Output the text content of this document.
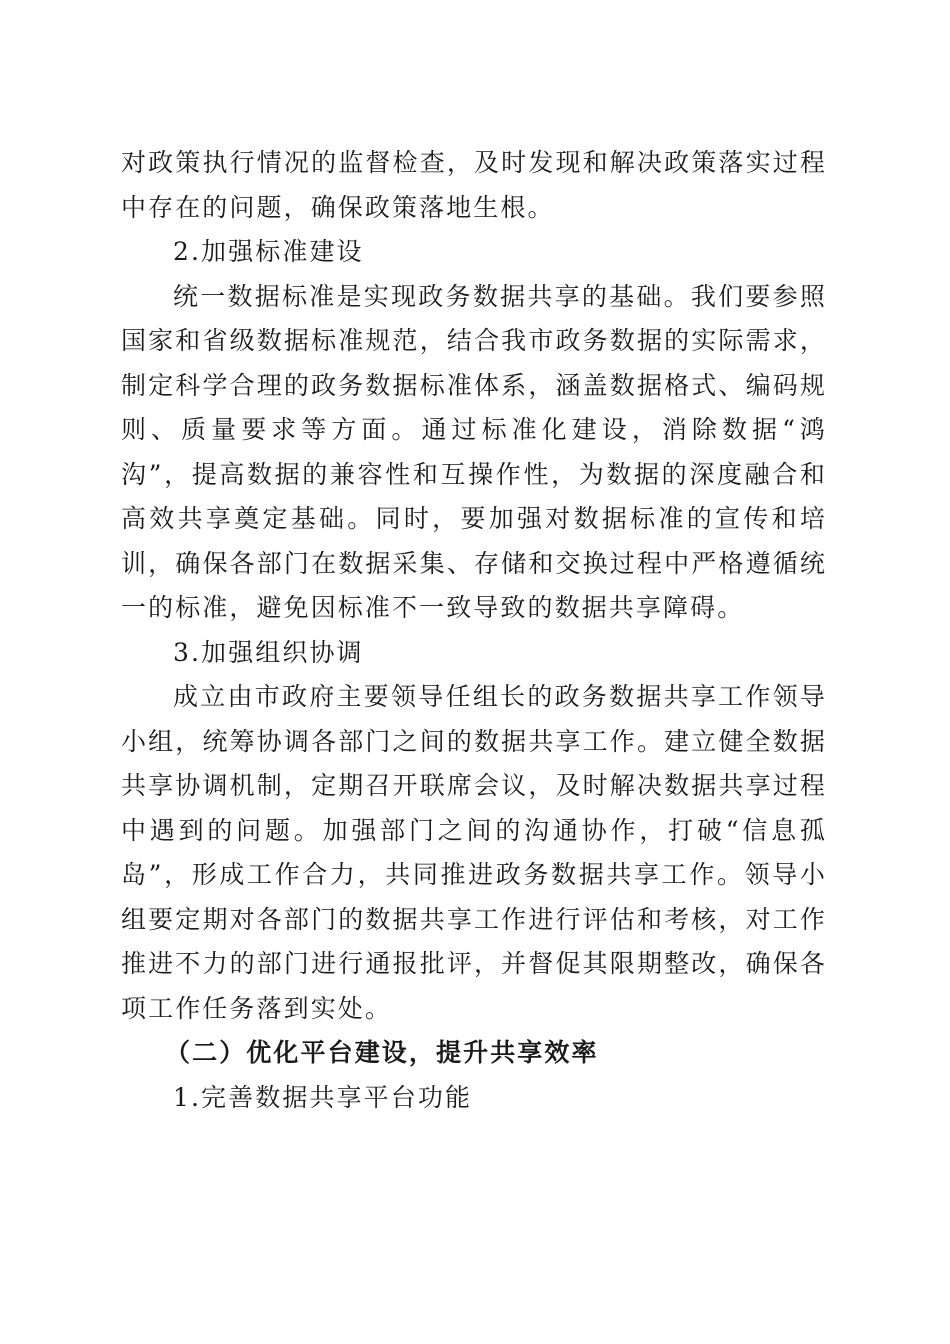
对政策执行情况的监督检查，及时发现和解决政策落实过程中存在的问题，确保政策落地生根。

2.加强标准建设

统一数据标准是实现政务数据共享的基础。我们要参照国家和省级数据标准规范，结合我市政务数据的实际需求，制定科学合理的政务数据标准体系，涵盖数据格式、编码规则、质量要求等方面。通过标准化建设，消除数据“鸿沟”，提高数据的兼容性和互操作性，为数据的深度融合和高效共享奠定基础。同时，要加强对数据标准的宣传和培训，确保各部门在数据采集、存储和交换过程中严格遵循统一的标准，避免因标准不一致导致的数据共享障碍。

3.加强组织协调

成立由市政府主要领导任组长的政务数据共享工作领导小组，统筹协调各部门之间的数据共享工作。建立健全数据共享协调机制，定期召开联席会议，及时解决数据共享过程中遇到的问题。加强部门之间的沟通协作，打破“信息孤岛”，形成工作合力，共同推进政务数据共享工作。领导小组要定期对各部门的数据共享工作进行评估和考核，对工作推进不力的部门进行通报批评，并督促其限期整改，确保各项工作任务落到实处。

（二）优化平台建设，提升共享效率

1.完善数据共享平台功能
